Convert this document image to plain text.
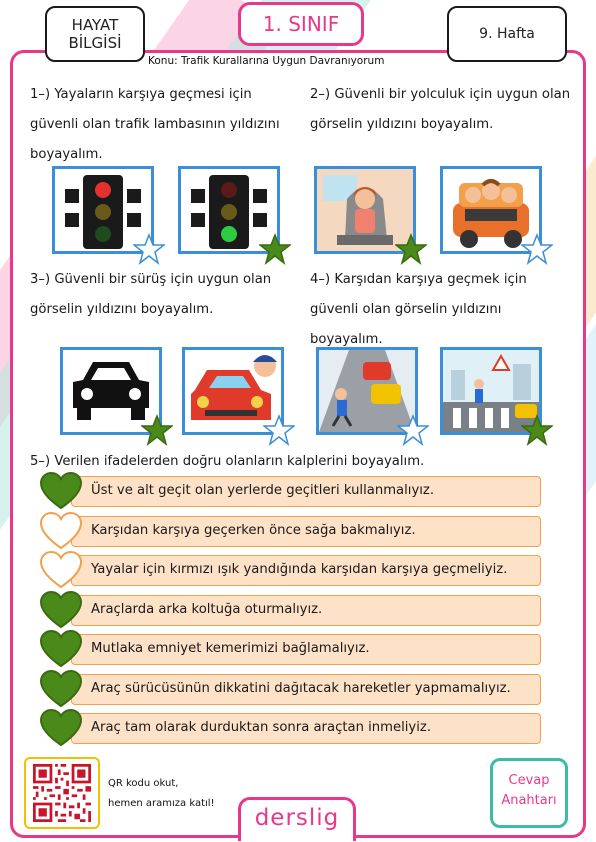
HAYAT
BİLGİSİ
1. SINIF	9. Hafta
Konu: Trafik Kurallarına Uygun Davranıyorum
1–) Yayaların karşıya geçmesi için güvenli olan trafik lambasının yıldızını boyayalım.
2–) Güvenli bir yolculuk için uygun olan görselin yıldızını boyayalım.
3–) Güvenli bir sürüş için uygun olan görselin yıldızını boyayalım.
4–) Karşıdan karşıya geçmek için güvenli olan görselin yıldızını boyayalım.
5–) Verilen ifadelerden doğru olanların kalplerini boyayalım.
Üst ve alt geçit olan yerlerde geçitleri kullanmalıyız.
Karşıdan karşıya geçerken önce sağa bakmalıyız.
Yayalar için kırmızı ışık yandığında karşıdan karşıya geçmeliyiz.
Araçlarda arka koltuğa oturmalıyız.
Mutlaka emniyet kemerimizi bağlamalıyız.
Araç sürücüsünün dikkatini dağıtacak hareketler yapmamalıyız.
Araç tam olarak durduktan sonra araçtan inmeliyiz.
QR kodu okut,
hemen aramıza katıl!
derslig
Cevap
Anahtarı
